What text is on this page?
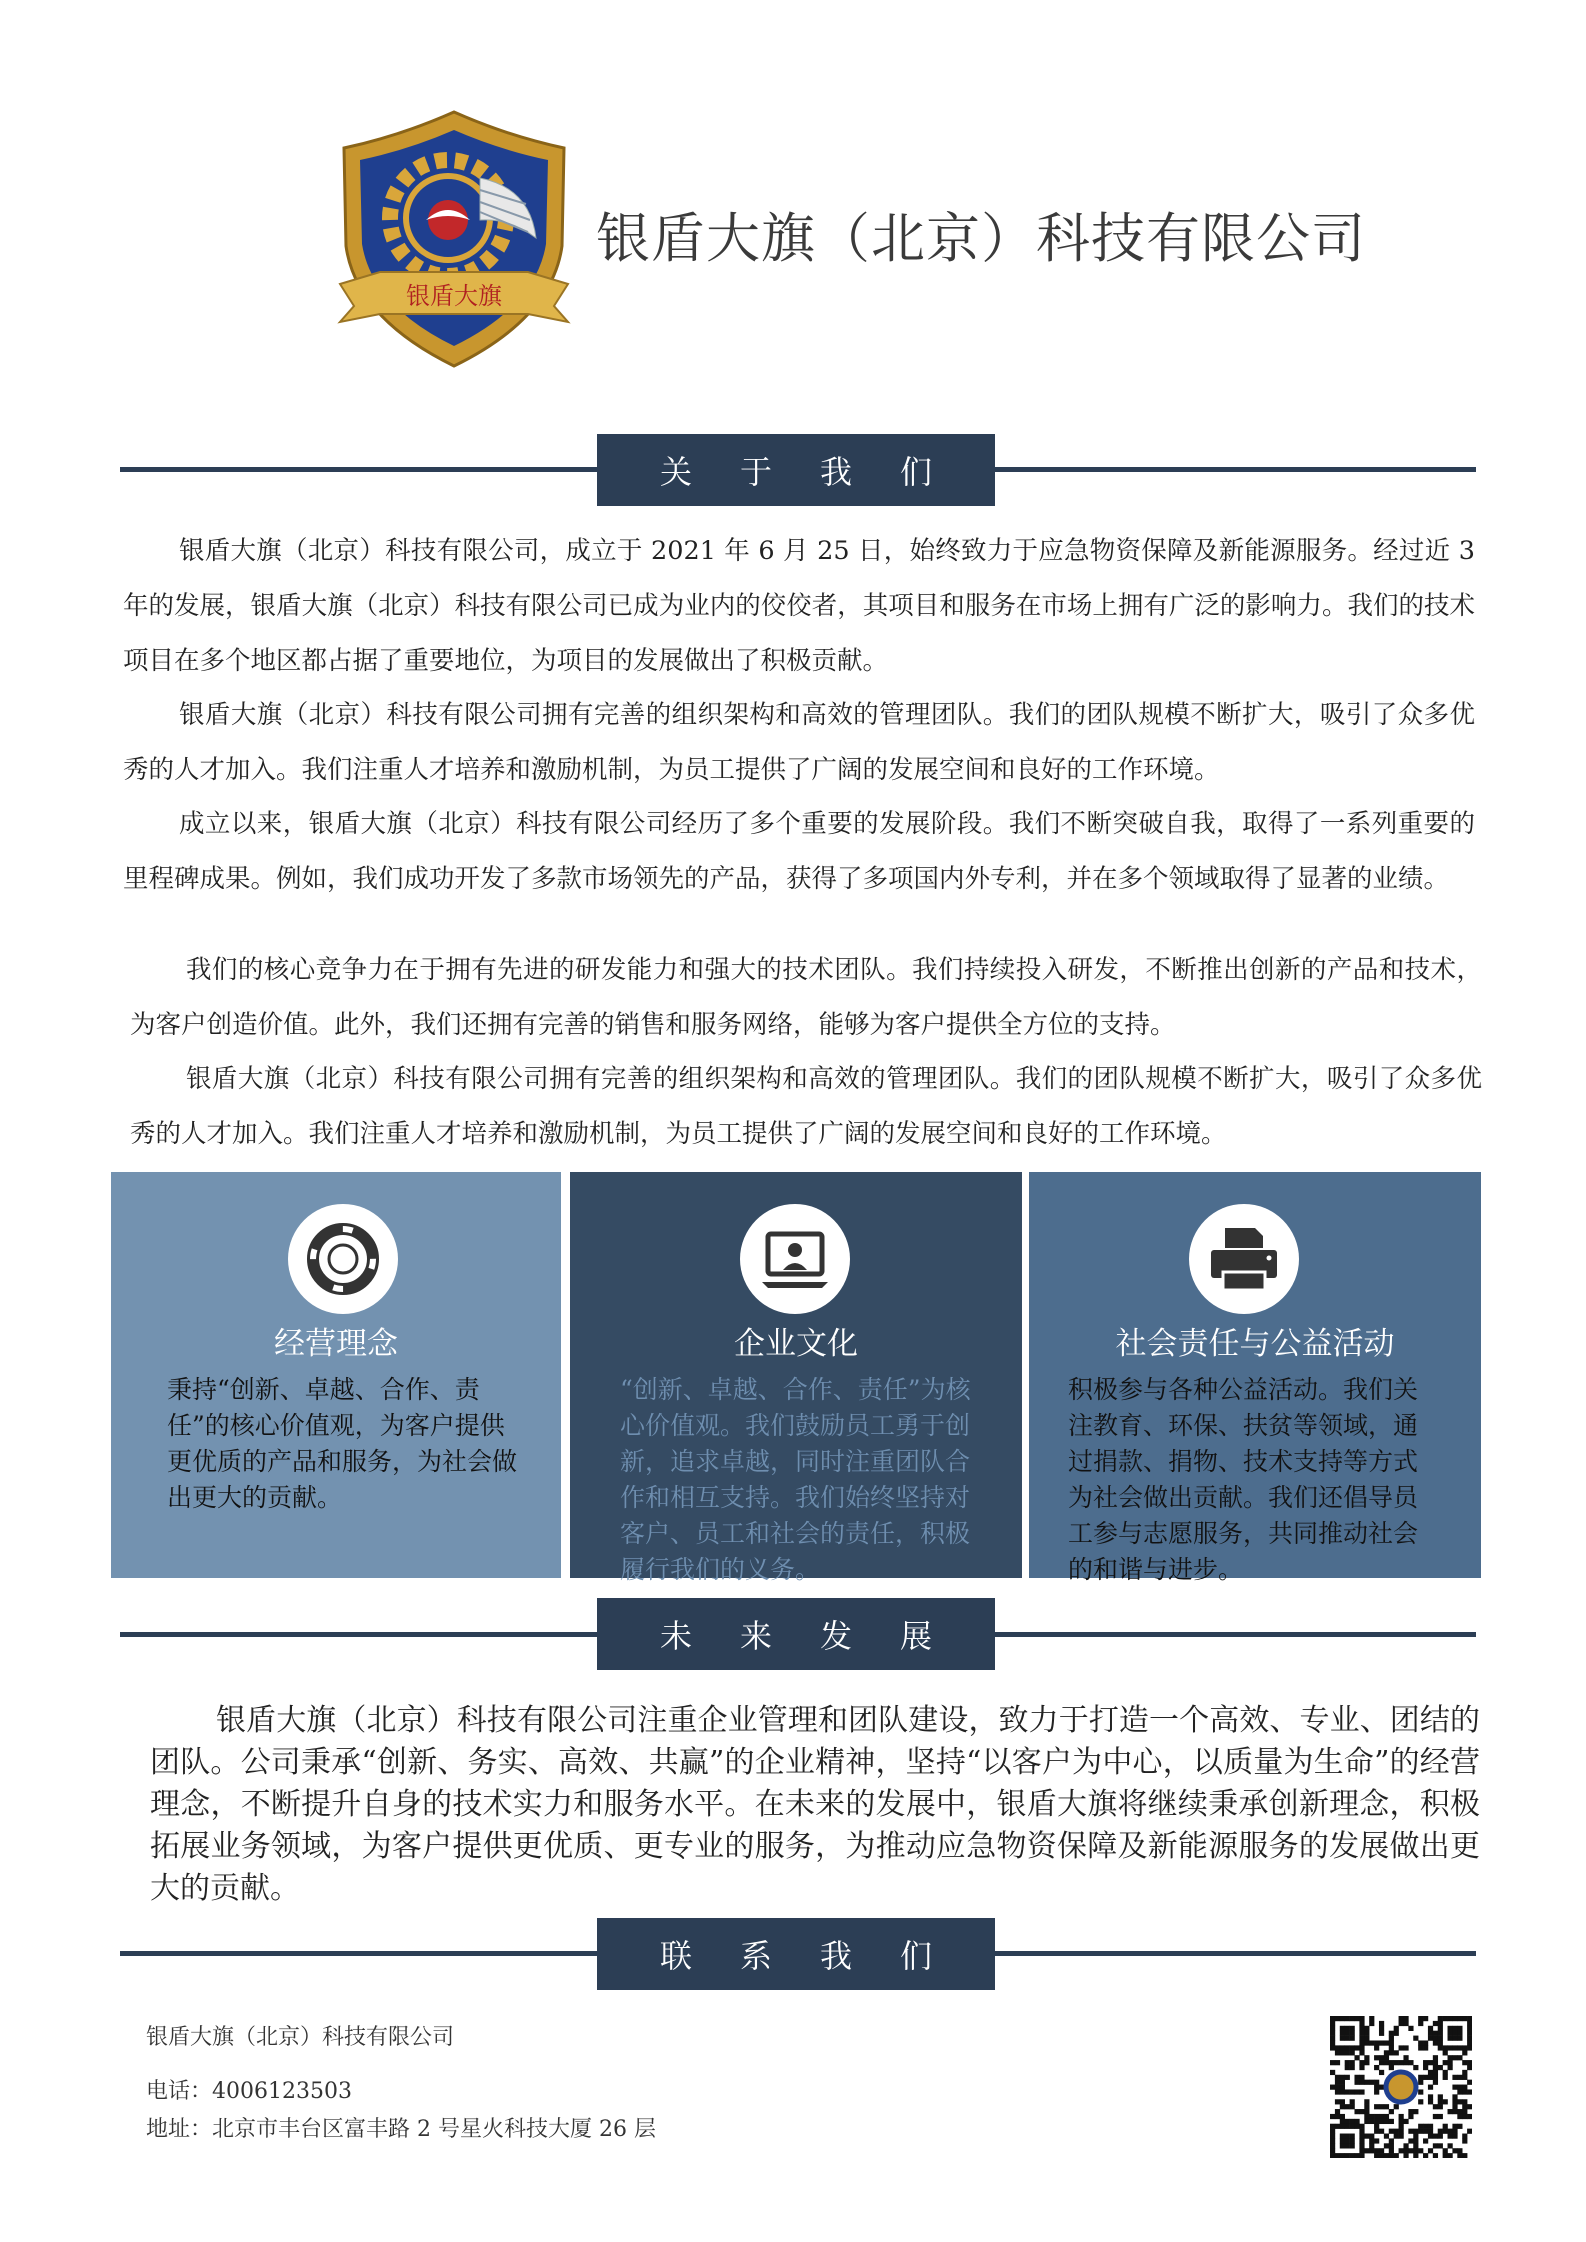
银盾大旗
银盾大旗（北京）科技有限公司
关于我们

银盾大旗（北京）科技有限公司，成立于 2021 年 6 月 25 日，始终致力于应急物资保障及新能源服务。经过近 3 年的发展，银盾大旗（北京）科技有限公司已成为业内的佼佼者，其项目和服务在市场上拥有广泛的影响力。我们的技术项目在多个地区都占据了重要地位，为项目的发展做出了积极贡献。

银盾大旗（北京）科技有限公司拥有完善的组织架构和高效的管理团队。我们的团队规模不断扩大，吸引了众多优秀的人才加入。我们注重人才培养和激励机制，为员工提供了广阔的发展空间和良好的工作环境。

成立以来，银盾大旗（北京）科技有限公司经历了多个重要的发展阶段。我们不断突破自我，取得了一系列重要的里程碑成果。例如，我们成功开发了多款市场领先的产品，获得了多项国内外专利，并在多个领域取得了显著的业绩。

我们的核心竞争力在于拥有先进的研发能力和强大的技术团队。我们持续投入研发，不断推出创新的产品和技术，为客户创造价值。此外，我们还拥有完善的销售和服务网络，能够为客户提供全方位的支持。

银盾大旗（北京）科技有限公司拥有完善的组织架构和高效的管理团队。我们的团队规模不断扩大，吸引了众多优秀的人才加入。我们注重人才培养和激励机制，为员工提供了广阔的发展空间和良好的工作环境。

经营理念
秉持“创新、卓越、合作、责任”的核心价值观，为客户提供更优质的产品和服务，为社会做出更大的贡献。
企业文化
“创新、卓越、合作、责任”为核心价值观。我们鼓励员工勇于创新，追求卓越，同时注重团队合作和相互支持。我们始终坚持对客户、员工和社会的责任，积极履行我们的义务。
社会责任与公益活动
积极参与各种公益活动。我们关注教育、环保、扶贫等领域，通过捐款、捐物、技术支持等方式为社会做出贡献。我们还倡导员工参与志愿服务，共同推动社会的和谐与进步。
未来发展

银盾大旗（北京）科技有限公司注重企业管理和团队建设，致力于打造一个高效、专业、团结的团队。公司秉承“创新、务实、高效、共赢”的企业精神，坚持“以客户为中心，以质量为生命”的经营理念，不断提升自身的技术实力和服务水平。在未来的发展中，银盾大旗将继续秉承创新理念，积极拓展业务领域，为客户提供更优质、更专业的服务，为推动应急物资保障及新能源服务的发展做出更大的贡献。

联系我们
银盾大旗（北京）科技有限公司
电话：4006123503
地址：北京市丰台区富丰路 2 号星火科技大厦 26 层
